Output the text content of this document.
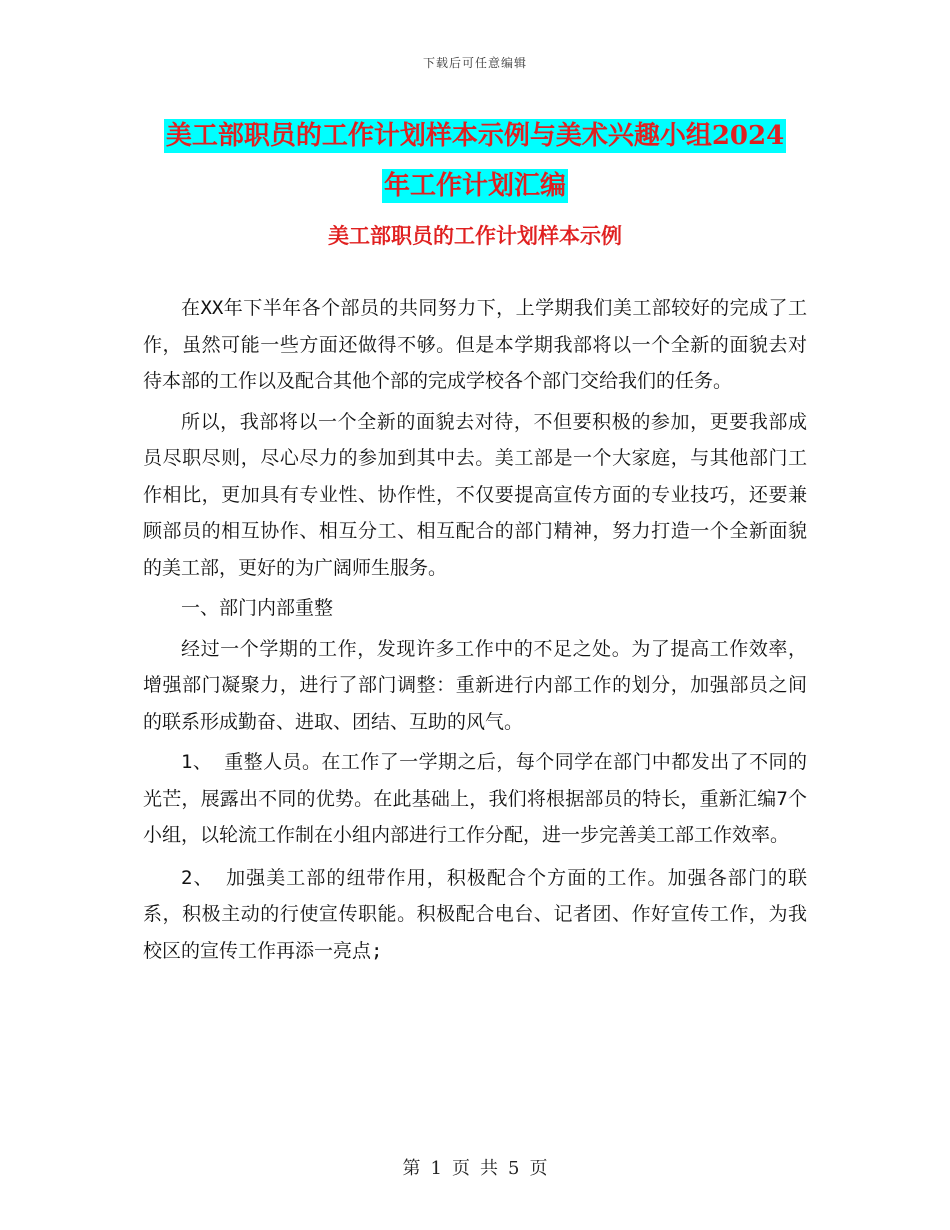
下载后可任意编辑
美工部职员的工作计划样本示例与美术兴趣小组2024
年工作计划汇编
美工部职员的工作计划样本示例

在XX年下半年各个部员的共同努力下，上学期我们美工部较好的完成了工作，虽然可能一些方面还做得不够。但是本学期我部将以一个全新的面貌去对待本部的工作以及配合其他个部的完成学校各个部门交给我们的任务。

所以，我部将以一个全新的面貌去对待，不但要积极的参加，更要我部成员尽职尽则，尽心尽力的参加到其中去。美工部是一个大家庭，与其他部门工作相比，更加具有专业性、协作性，不仅要提高宣传方面的专业技巧，还要兼顾部员的相互协作、相互分工、相互配合的部门精神，努力打造一个全新面貌的美工部，更好的为广阔师生服务。

一、部门内部重整

经过一个学期的工作，发现许多工作中的不足之处。为了提高工作效率，增强部门凝聚力，进行了部门调整：重新进行内部工作的划分，加强部员之间的联系形成勤奋、进取、团结、互助的风气。

1、 重整人员。在工作了一学期之后，每个同学在部门中都发出了不同的光芒，展露出不同的优势。在此基础上，我们将根据部员的特长，重新汇编7个小组，以轮流工作制在小组内部进行工作分配，进一步完善美工部工作效率。

2、 加强美工部的纽带作用，积极配合个方面的工作。加强各部门的联系，积极主动的行使宣传职能。积极配合电台、记者团、作好宣传工作，为我校区的宣传工作再添一亮点;

第 1 页 共 5 页
